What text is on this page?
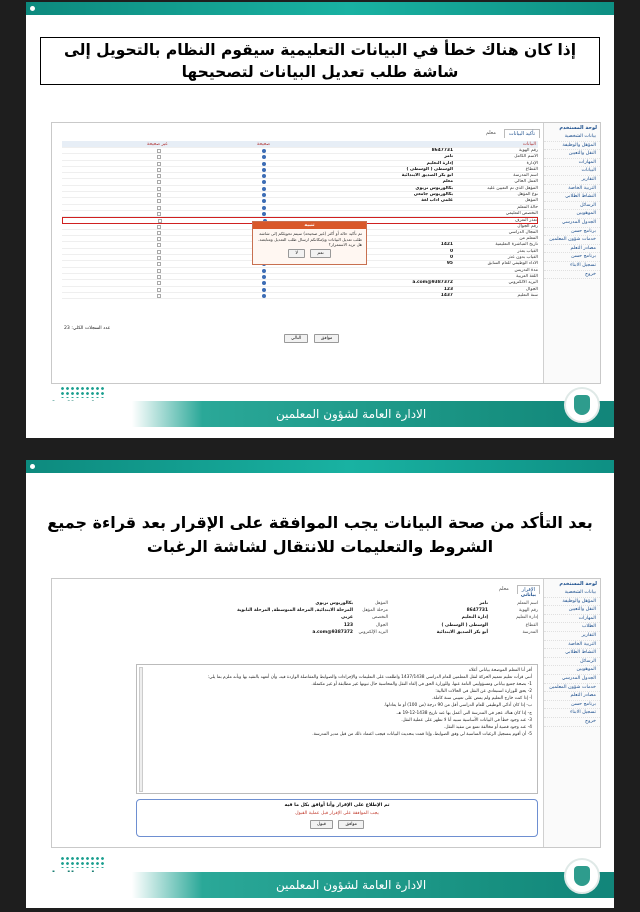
إذا كان هناك خطأ في البيانات التعليمية سيقوم النظام بالتحويل إلى شاشة طلب تعديل البيانات لتصحيحها
لوحة المستخدم
بيانات الشخصية
المؤهل والوظيفة
النقل والتعيين
المهارات
البيانات
التقارير
التربية الخاصة
النشاط الطلابي
الرسائل
الموهوبين
الجدول المدرسي
برنامج حسن
خدمات شؤون المعلمين
مصادر التعلم
برنامج حسن
تسجيل الابناء
خروج
تأكيد البيانات
معلم
البيانات
صحيحة
غير صحيحة
رقم الهوية
8647731
الاسم الكامل
تامر
الإدارة
إدارة التعليم
القطاع
الوسطى ( الوسطى )
اسم المدرسة
أبو بكر الصديق الابتدائية
العمل الحالي
معلم
المؤهل الذي تم التعيين عليه
بكالوريوس تربوي
نوع المؤهل
بكالوريوس جامعي
المؤهل
علمي آداب لغة
حالة المعلم
التخصص التعليمي
تعذر التعرف
رقم الجوال
المجال الدراسي
المعلم من
تاريخ المباشرة التعليمية
1421
الغياب بعذر
0
الغياب بدون عذر
0
الأداء الوظيفي للعام السابق
95
مدة التدريس
اللغة العربية
البريد الالكتروني
a.com@9387372
الجوال
123
سنة التعليم
1437
تنبيه
تم تأكيد حالة أو أكثر (غير صحيحة) سيتم تحويلكم إلى شاشة طلب تعديل البيانات وبإمكانكم ارسال طلب التعديل ومتابعته. هل تريد الاستمرار؟
نعم لا
عدد السجلات الكلي: 23
موافق التالي
الادارة العامة لشؤون المعلمين
بعد التأكد من صحة البيانات يجب الموافقة على الإقرار بعد قراءة جميع الشروط والتعليمات للانتقال لشاشة الرغبات
لوحة المستخدم
بيانات الشخصية
المؤهل والوظيفة
النقل والتعيين
المهارات
الطلاب
التقارير
التربية الخاصة
النشاط الطلابي
الرسائل
الموهوبين
الجدول المدرسي
خدمات شؤون المعلمين
مصادر التعلم
برنامج حسن
تسجيل الابناء
خروج
الإقرار
معلم
بياناتي
اسم المعلم
تامر
المؤهل
بكالوريوس تربوي
رقم الهوية
8647731
مرحلة المؤهل
المرحلة الابتدائية, المرحلة المتوسطة, المرحلة الثانوية
إدارة التعليم
إدارة التعليم
التخصص
عربي
القطاع
الوسطى ( الوسطى )
الجوال
123
المدرسة
أبو بكر الصديق الابتدائية
البريد الإلكتروني
a.com@9387372

أقر أنا المعلم الموضحة بياناتي أعلاه

أنني قرأت تعليم تعميم الحركة لنقل المعلمين للعام الدراسي 1437/1438 واطلعت على التعليمات والإجراءات والضوابط والمفاضلة الواردة فيه، وأن أتعهد بالتقيد بها وبأنه ملزم بما يلي:

1- بصحة جميع بياناتي ومسؤوليتي التامة عنها، وللوزارة الحق في إلغاء النقل والمحاسبة حال ثبوتها غير مطابقة أو غير مكتملة.

2- يحق للوزارة استبعادي عن النقل في الحالات التالية:

أ- إذا كنت خارج التعليم ولم يمض على تعييني سنة كاملة.

ب- إذا كان أدائي الوظيفي للعام الدراسي أقل من 90 درجة (من 100) أو ما يعادلها.

ج- إذا كان هناك عجز في المدرسة التي أعمل بها عند تاريخ 1438-12-19 هـ.

3- عند وجود خطأ في البيانات الأساسية سببه أنا لا تظهر على عملية النقل.

4- عند وجود قضية أو مخالفة تمنع من تنفيذ النقل.

5- أن أقوم بتسجيل الرغبات المناسبة لي وفق الضوابط، وإذا قمت بتحديث البيانات فيجب اعتماد ذلك من قبل مدير المدرسة.

تم الإطلاع على الإقرار وأنا أوافق بكل ما فيه
يجب الموافقة على الإقرار قبل عملية القبول
موافق قبول
الادارة العامة لشؤون المعلمين
